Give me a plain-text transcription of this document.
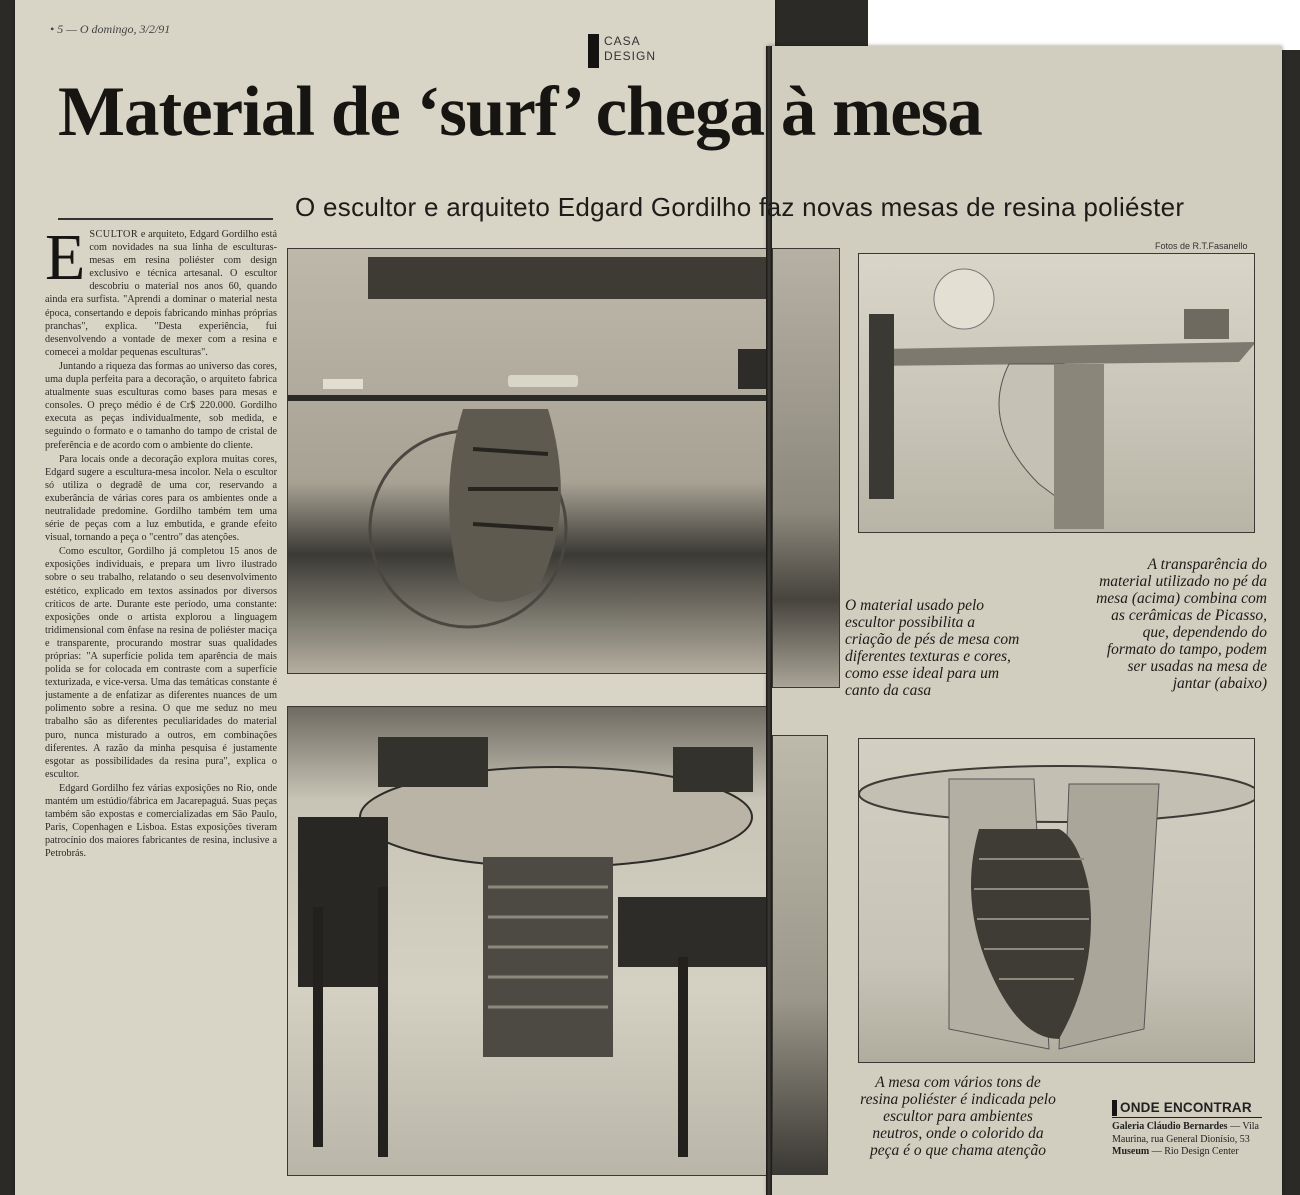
• 5 — O domingo, 3/2/91
CASA
DESIGN
Material de ‘surf’ chega à mesa
O escultor e arquiteto Edgard Gordilho faz novas mesas de resina poliéster
Fotos de R.T.Fasanello

ESCULTOR e arquiteto, Edgard Gordilho está com novidades na sua linha de esculturas-mesas em resina poliéster com design exclusivo e técnica artesanal. O escultor descobriu o material nos anos 60, quando ainda era surfista. "Aprendi a dominar o material nesta época, consertando e depois fabricando minhas próprias pranchas", explica. "Desta experiência, fui desenvolvendo a vontade de mexer com a resina e comecei a moldar pequenas esculturas".

Juntando a riqueza das formas ao universo das cores, uma dupla perfeita para a decoração, o arquiteto fabrica atualmente suas esculturas como bases para mesas e consoles. O preço médio é de Cr$ 220.000. Gordilho executa as peças individualmente, sob medida, e seguindo o formato e o tamanho do tampo de cristal de preferência e de acordo com o ambiente do cliente.

Para locais onde a decoração explora muitas cores, Edgard sugere a escultura-mesa incolor. Nela o escultor só utiliza o degradê de uma cor, reservando a exuberância de várias cores para os ambientes onde a neutralidade predomine. Gordilho também tem uma série de peças com a luz embutida, e grande efeito visual, tornando a peça o "centro" das atenções.

Como escultor, Gordilho já completou 15 anos de exposições individuais, e prepara um livro ilustrado sobre o seu trabalho, relatando o seu desenvolvimento estético, explicado em textos assinados por diversos críticos de arte. Durante este período, uma constante: exposições onde o artista explorou a linguagem tridimensional com ênfase na resina de poliéster maciça e transparente, procurando mostrar suas qualidades próprias: "A superfície polida tem aparência de mais polida se for colocada em contraste com a superfície texturizada, e vice-versa. Uma das temáticas constante é justamente a de enfatizar as diferentes nuances de um polimento sobre a resina. O que me seduz no meu trabalho são as diferentes peculiaridades do material puro, nunca misturado a outros, em combinações diferentes. A razão da minha pesquisa é justamente esgotar as possibilidades da resina pura", explica o escultor.

Edgard Gordilho fez várias exposições no Rio, onde mantém um estúdio/fábrica em Jacarepaguá. Suas peças também são expostas e comercializadas em São Paulo, Paris, Copenhagen e Lisboa. Estas exposições tiveram patrocínio dos maiores fabricantes de resina, inclusive a Petrobrás.

O material usado pelo escultor possibilita a criação de pés de mesa com diferentes texturas e cores, como esse ideal para um canto da casa
A transparência do material utilizado no pé da mesa (acima) combina com as cerâmicas de Picasso, que, dependendo do formato do tampo, podem ser usadas na mesa de jantar (abaixo)
A mesa com vários tons de resina poliéster é indicada pelo escultor para ambientes neutros, onde o colorido da peça é o que chama atenção
ONDE ENCONTRAR
Galeria Cláudio Bernardes — Vila Maurina, rua General Dionísio, 53
Museum — Rio Design Center
